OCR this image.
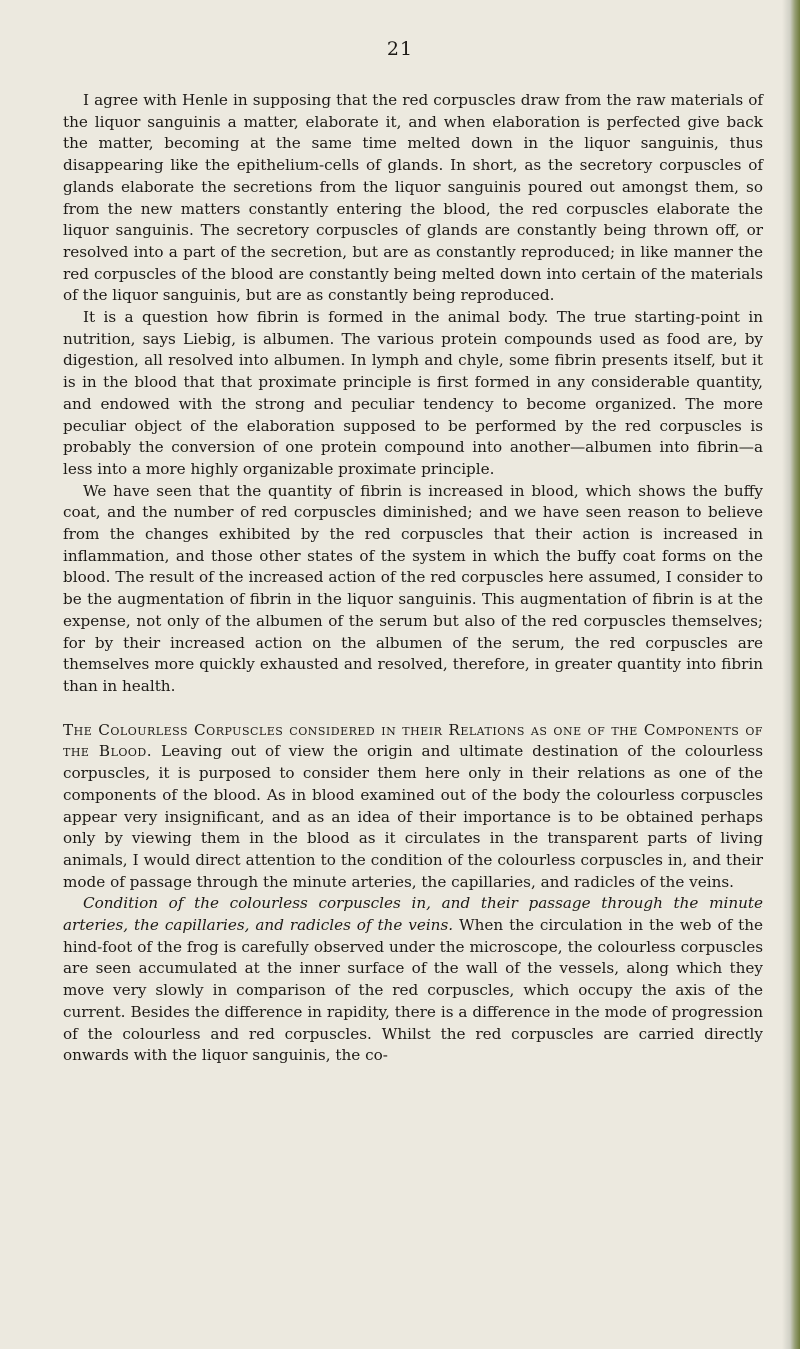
21

I agree with Henle in supposing that the red corpuscles draw from the raw materials of the liquor sanguinis a matter, elaborate it, and when elaboration is perfected give back the matter, becoming at the same time melted down in the liquor sanguinis, thus disappearing like the epithelium-cells of glands. In short, as the secretory corpuscles of glands elaborate the secretions from the liquor sanguinis poured out amongst them, so from the new matters constantly entering the blood, the red corpuscles elaborate the liquor sanguinis. The secretory corpuscles of glands are constantly being thrown off, or resolved into a part of the secretion, but are as constantly reproduced; in like manner the red corpuscles of the blood are constantly being melted down into certain of the materials of the liquor sanguinis, but are as constantly being reproduced.

It is a question how fibrin is formed in the animal body. The true starting-point in nutrition, says Liebig, is albumen. The various protein compounds used as food are, by digestion, all resolved into albumen. In lymph and chyle, some fibrin presents itself, but it is in the blood that that proximate principle is first formed in any considerable quantity, and endowed with the strong and peculiar tendency to become organized. The more peculiar object of the elaboration supposed to be performed by the red corpuscles is probably the conversion of one protein compound into another—albumen into fibrin—a less into a more highly organizable proximate principle.

We have seen that the quantity of fibrin is increased in blood, which shows the buffy coat, and the number of red corpuscles diminished; and we have seen reason to believe from the changes exhibited by the red corpuscles that their action is increased in inflammation, and those other states of the system in which the buffy coat forms on the blood. The result of the increased action of the red corpuscles here assumed, I consider to be the augmentation of fibrin in the liquor sanguinis. This augmentation of fibrin is at the expense, not only of the albumen of the serum but also of the red corpuscles themselves; for by their increased action on the albumen of the serum, the red corpuscles are themselves more quickly exhausted and resolved, therefore, in greater quantity into fibrin than in health.

The Colourless Corpuscles considered in their Relations as one of the Components of the Blood. Leaving out of view the origin and ultimate destination of the colourless corpuscles, it is purposed to consider them here only in their relations as one of the components of the blood. As in blood examined out of the body the colourless corpuscles appear very insignificant, and as an idea of their importance is to be obtained perhaps only by viewing them in the blood as it circulates in the transparent parts of living animals, I would direct attention to the condition of the colourless corpuscles in, and their mode of passage through the minute arteries, the capillaries, and radicles of the veins.

Condition of the colourless corpuscles in, and their passage through the minute arteries, the capillaries, and radicles of the veins. When the circulation in the web of the hind-foot of the frog is carefully observed under the microscope, the colourless corpuscles are seen accumulated at the inner surface of the wall of the vessels, along which they move very slowly in comparison of the red corpuscles, which occupy the axis of the current. Besides the difference in rapidity, there is a difference in the mode of progression of the colourless and red corpuscles. Whilst the red corpuscles are carried directly onwards with the liquor sanguinis, the co-
